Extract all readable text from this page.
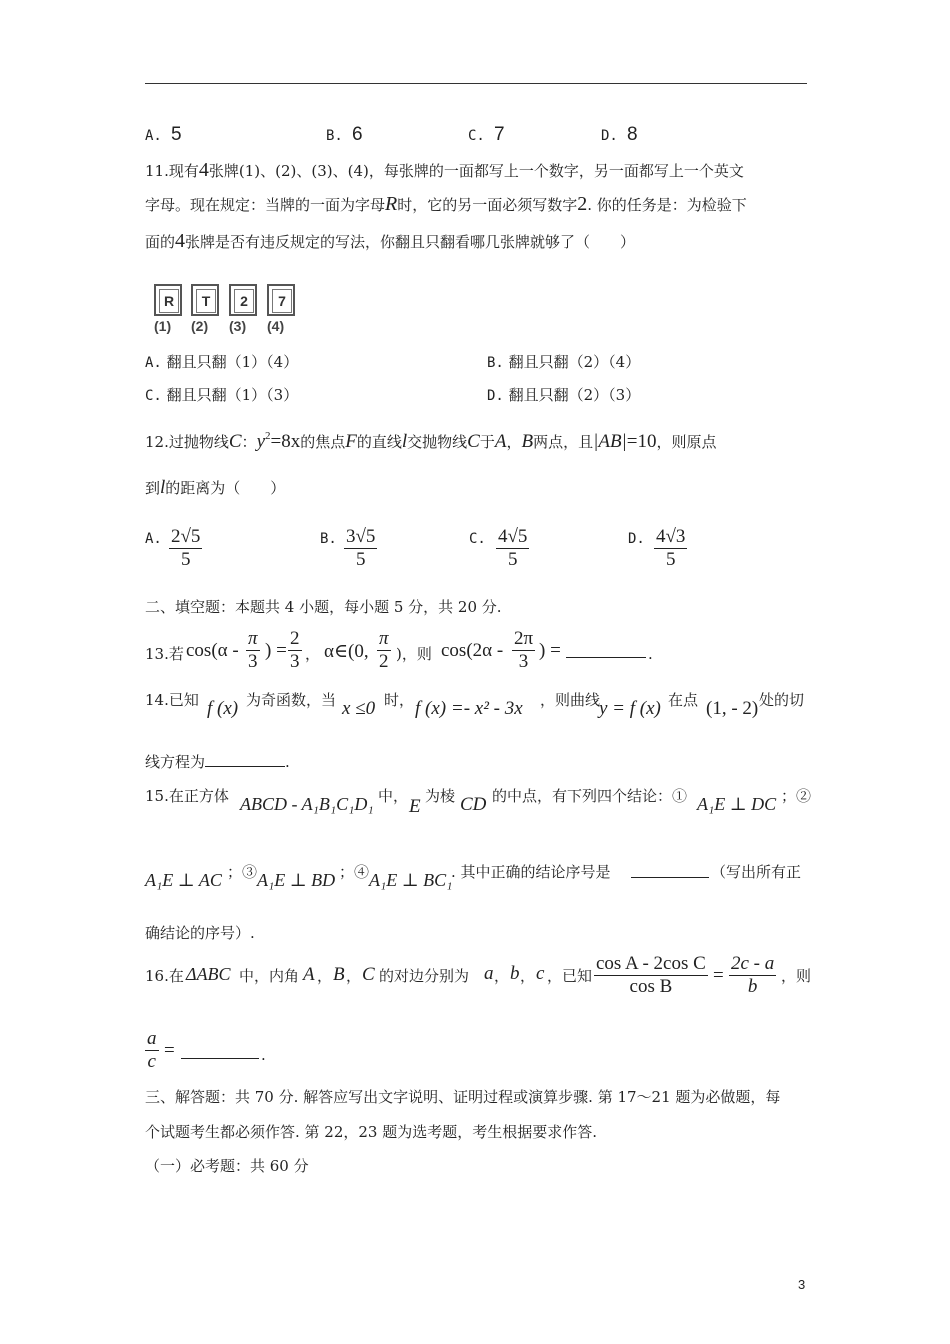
A. 5	B. 6	C. 7	D. 8
11.现有4张牌(1)、(2)、(3)、(4)，每张牌的一面都写上一个数字，另一面都写上一个英文
字母。现在规定：当牌的一面为字母R时，它的另一面必须写数字2. 你的任务是：为检验下
面的4张牌是否有违反规定的写法，你翻且只翻看哪几张牌就够了（　　）
R	T	2	7
(1) (2) (3) (4)
A. 翻且只翻（1）（4）	B. 翻且只翻（2）（4）
C. 翻且只翻（1）（3）	D. 翻且只翻（2）（3）
12.过抛物线C：$y^2=8x$的焦点F的直线l交抛物线C于A，B两点，且|AB|=10，则原点
到l的距离为（　　）
A. 2√5
5
B. 3√5
5
C. 4√5
5
D. 4√3
5
二、填空题：本题共 4 小题，每小题 5 分，共 20 分.
13.若 cos(α -
π
3
) =
2
3 ， α∈(0,
π
2 )，则 cos(2α -
2π
3
) =	.
14.已知 f (x) 为奇函数，当 x ≤0 时， f (x) =- x² - 3x ，则曲线
y = f (x) 在点 (1, - 2) 处的切
线方程为	.
15.在正方体 ABCD - A₁B₁C₁D₁ 中， E 为棱 CD 的中点，有下列四个结论：① A₁E ⊥ DC ；②
A₁E ⊥ AC ；③ A₁E ⊥ BD ；④ A₁E ⊥ BC₁
. 其中正确的结论序号是	（写出所有正
确结论的序号）.
16.在 ΔABC 中，内角 A ， B ， C 的对边分别为 a ， b ， c ，已知
cos A - 2cos C
cos B
=
2c - a
b	，则
a
c
=	.
三、解答题：共 70 分. 解答应写出文字说明、证明过程或演算步骤. 第 17～21 题为必做题，每
个试题考生都必须作答. 第 22，23 题为选考题，考生根据要求作答.
（一）必考题：共 60 分
3
